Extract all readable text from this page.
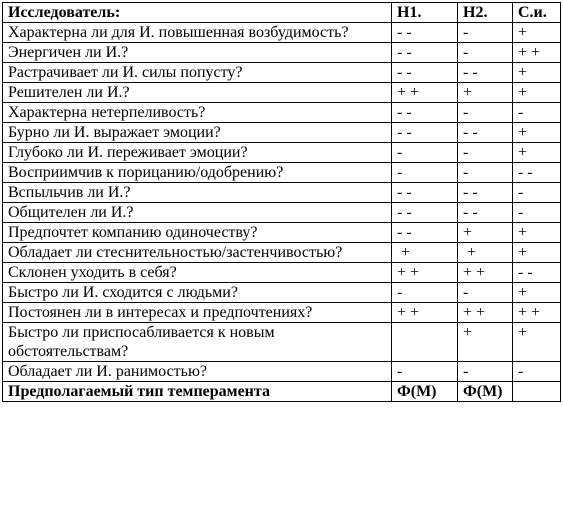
Исследователь:	Н1.	Н2.	С.и.
Характерна ли для И. повышенная возбудимость?	- -	-	+
Энергичен ли И.?	- -	-	+ +
Растрачивает ли И. силы попусту?	- -	- -	+
Решителен ли И.?	+ +	+	+
Характерна нетерпеливость?	- -	-	-
Бурно ли И. выражает эмоции?	- -	- -	+
Глубоко ли И. переживает эмоции?	-	-	+
Восприимчив к порицанию/одобрению?	-	-	- -
Вспыльчив ли И.?	- -	- -	-
Общителен ли И.?	- -	- -	-
Предпочтет компанию одиночеству?	- -	+	+
Обладает ли стеснительностью/застенчивостью?	+	+	+
Склонен уходить в себя?	+ +	+ +	- -
Быстро ли И. сходится с людьми?	-	-	+
Постоянен ли в интересах и предпочтениях?	+ +	+ +	+ +
Быстро ли приспосабливается к новым обстоятельствам?		+	+
Обладает ли И. ранимостью?	-	-	-
Предполагаемый тип темперамента	Ф(М)	Ф(М)	
